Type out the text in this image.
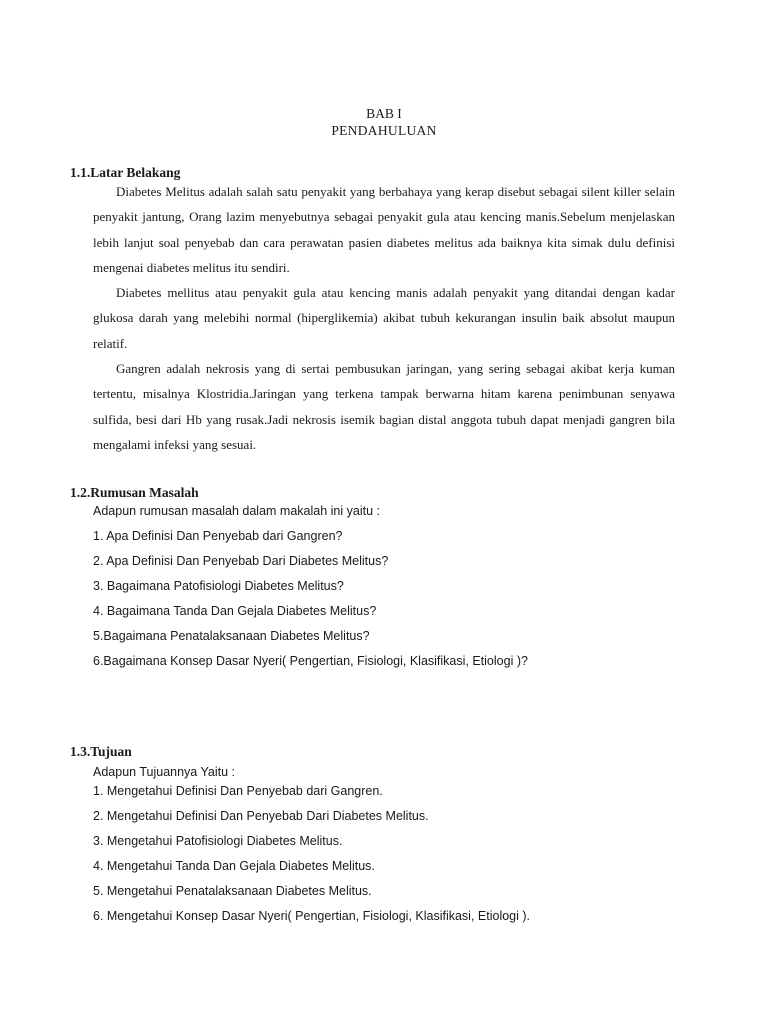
BAB I
PENDAHULUAN
1.1.Latar Belakang

Diabetes Melitus adalah salah satu penyakit yang berbahaya yang kerap disebut sebagai silent killer selain penyakit jantung, Orang lazim menyebutnya sebagai penyakit gula atau kencing manis.Sebelum menjelaskan lebih lanjut soal penyebab dan cara perawatan pasien diabetes melitus ada baiknya kita simak dulu definisi mengenai diabetes melitus itu sendiri.

Diabetes mellitus atau penyakit gula atau kencing manis adalah penyakit yang ditandai dengan kadar glukosa darah yang melebihi normal (hiperglikemia) akibat tubuh kekurangan insulin baik absolut maupun relatif.

Gangren adalah nekrosis yang di sertai pembusukan jaringan, yang sering sebagai akibat kerja kuman tertentu, misalnya Klostridia.Jaringan yang terkena tampak berwarna hitam karena penimbunan senyawa sulfida, besi dari Hb yang rusak.Jadi nekrosis isemik bagian distal anggota tubuh dapat menjadi gangren bila mengalami infeksi yang sesuai.

1.2.Rumusan Masalah
Adapun rumusan masalah dalam makalah ini yaitu :
1. Apa Definisi Dan Penyebab dari Gangren?
2. Apa Definisi Dan Penyebab Dari Diabetes Melitus?
3. Bagaimana Patofisiologi Diabetes Melitus?
4. Bagaimana Tanda Dan Gejala Diabetes Melitus?
5.Bagaimana Penatalaksanaan Diabetes Melitus?
6.Bagaimana Konsep Dasar Nyeri( Pengertian, Fisiologi, Klasifikasi, Etiologi )?
1.3.Tujuan
Adapun Tujuannya Yaitu :
1. Mengetahui Definisi Dan Penyebab dari Gangren.
2. Mengetahui Definisi Dan Penyebab Dari Diabetes Melitus.
3. Mengetahui Patofisiologi Diabetes Melitus.
4. Mengetahui Tanda Dan Gejala Diabetes Melitus.
5. Mengetahui Penatalaksanaan Diabetes Melitus.
6. Mengetahui Konsep Dasar Nyeri( Pengertian, Fisiologi, Klasifikasi, Etiologi ).
